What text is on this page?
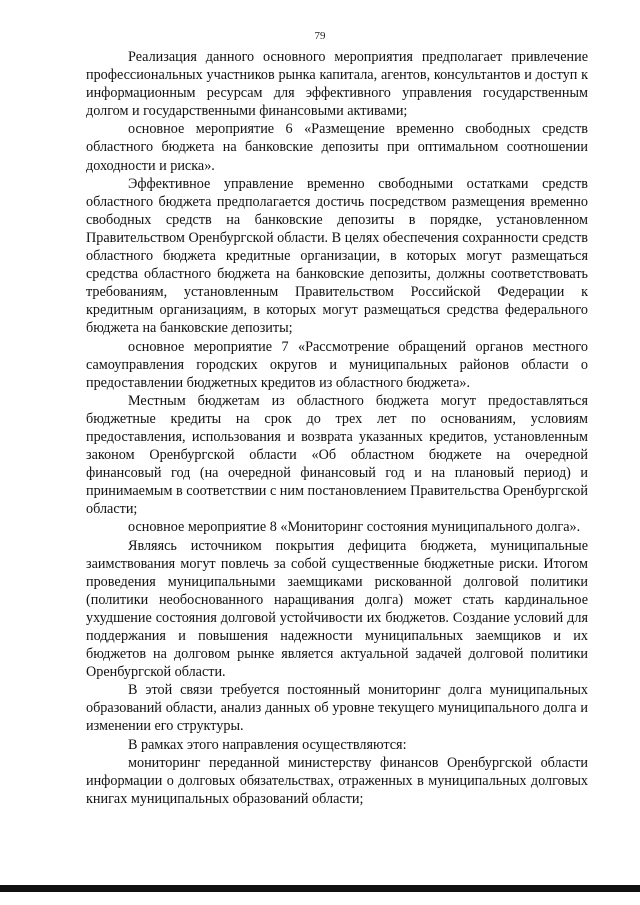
79

Реализация данного основного мероприятия предполагает привлечение профессиональных участников рынка капитала, агентов, консультантов и доступ к информационным ресурсам для эффективного управления государственным долгом и государственными финансовыми активами;

основное мероприятие 6 «Размещение временно свободных средств областного бюджета на банковские депозиты при оптимальном соотношении доходности и риска».

Эффективное управление временно свободными остатками средств областного бюджета предполагается достичь посредством размещения временно свободных средств на банковские депозиты в порядке, установленном Правительством Оренбургской области. В целях обеспечения сохранности средств областного бюджета кредитные организации, в которых могут размещаться средства областного бюджета на банковские депозиты, должны соответствовать требованиям, установленным Правительством Российской Федерации к кредитным организациям, в которых могут размещаться средства федерального бюджета на банковские депозиты;

основное мероприятие 7 «Рассмотрение обращений органов местного самоуправления городских округов и муниципальных районов области о предоставлении бюджетных кредитов из областного бюджета».

Местным бюджетам из областного бюджета могут предоставляться бюджетные кредиты на срок до трех лет по основаниям, условиям предоставления, использования и возврата указанных кредитов, установленным законом Оренбургской области «Об областном бюджете на очередной финансовый год (на очередной финансовый год и на плановый период) и принимаемым в соответствии с ним постановлением Правительства Оренбургской области;

основное мероприятие 8 «Мониторинг состояния муниципального долга».

Являясь источником покрытия дефицита бюджета, муниципальные заимствования могут повлечь за собой существенные бюджетные риски. Итогом проведения муниципальными заемщиками рискованной долговой политики (политики необоснованного наращивания долга) может стать кардинальное ухудшение состояния долговой устойчивости их бюджетов. Создание условий для поддержания и повышения надежности муниципальных заемщиков и их бюджетов на долговом рынке является актуальной задачей долговой политики Оренбургской области.

В этой связи требуется постоянный мониторинг долга муниципальных образований области, анализ данных об уровне текущего муниципального долга и изменении его структуры.

В рамках этого направления осуществляются:

мониторинг переданной министерству финансов Оренбургской области информации о долговых обязательствах, отраженных в муниципальных долговых книгах муниципальных образований области;
